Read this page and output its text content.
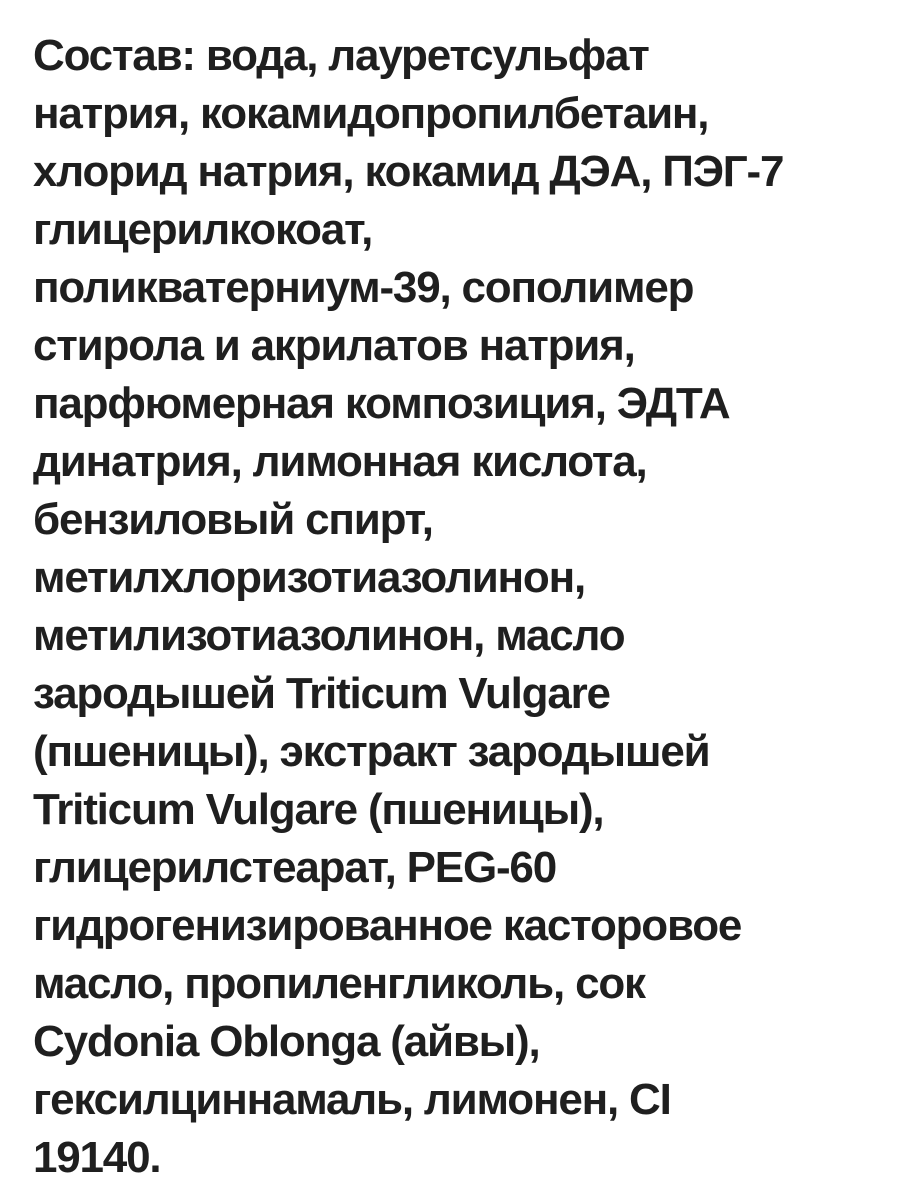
Состав: вода, лауретсульфат
натрия, кокамидопропилбетаин,
хлорид натрия, кокамид ДЭА, ПЭГ-7
глицерилкокоат,
поликватерниум-39, сополимер
стирола и акрилатов натрия,
парфюмерная композиция, ЭДТА
динатрия, лимонная кислота,
бензиловый спирт,
метилхлоризотиазолинон,
метилизотиазолинон, масло
зародышей Triticum Vulgare
(пшеницы), экстракт зародышей
Triticum Vulgare (пшеницы),
глицерилстеарат, PEG-60
гидрогенизированное касторовое
масло, пропиленгликоль, сок
Cydonia Oblonga (айвы),
гексилциннамаль, лимонен, CI
19140.
